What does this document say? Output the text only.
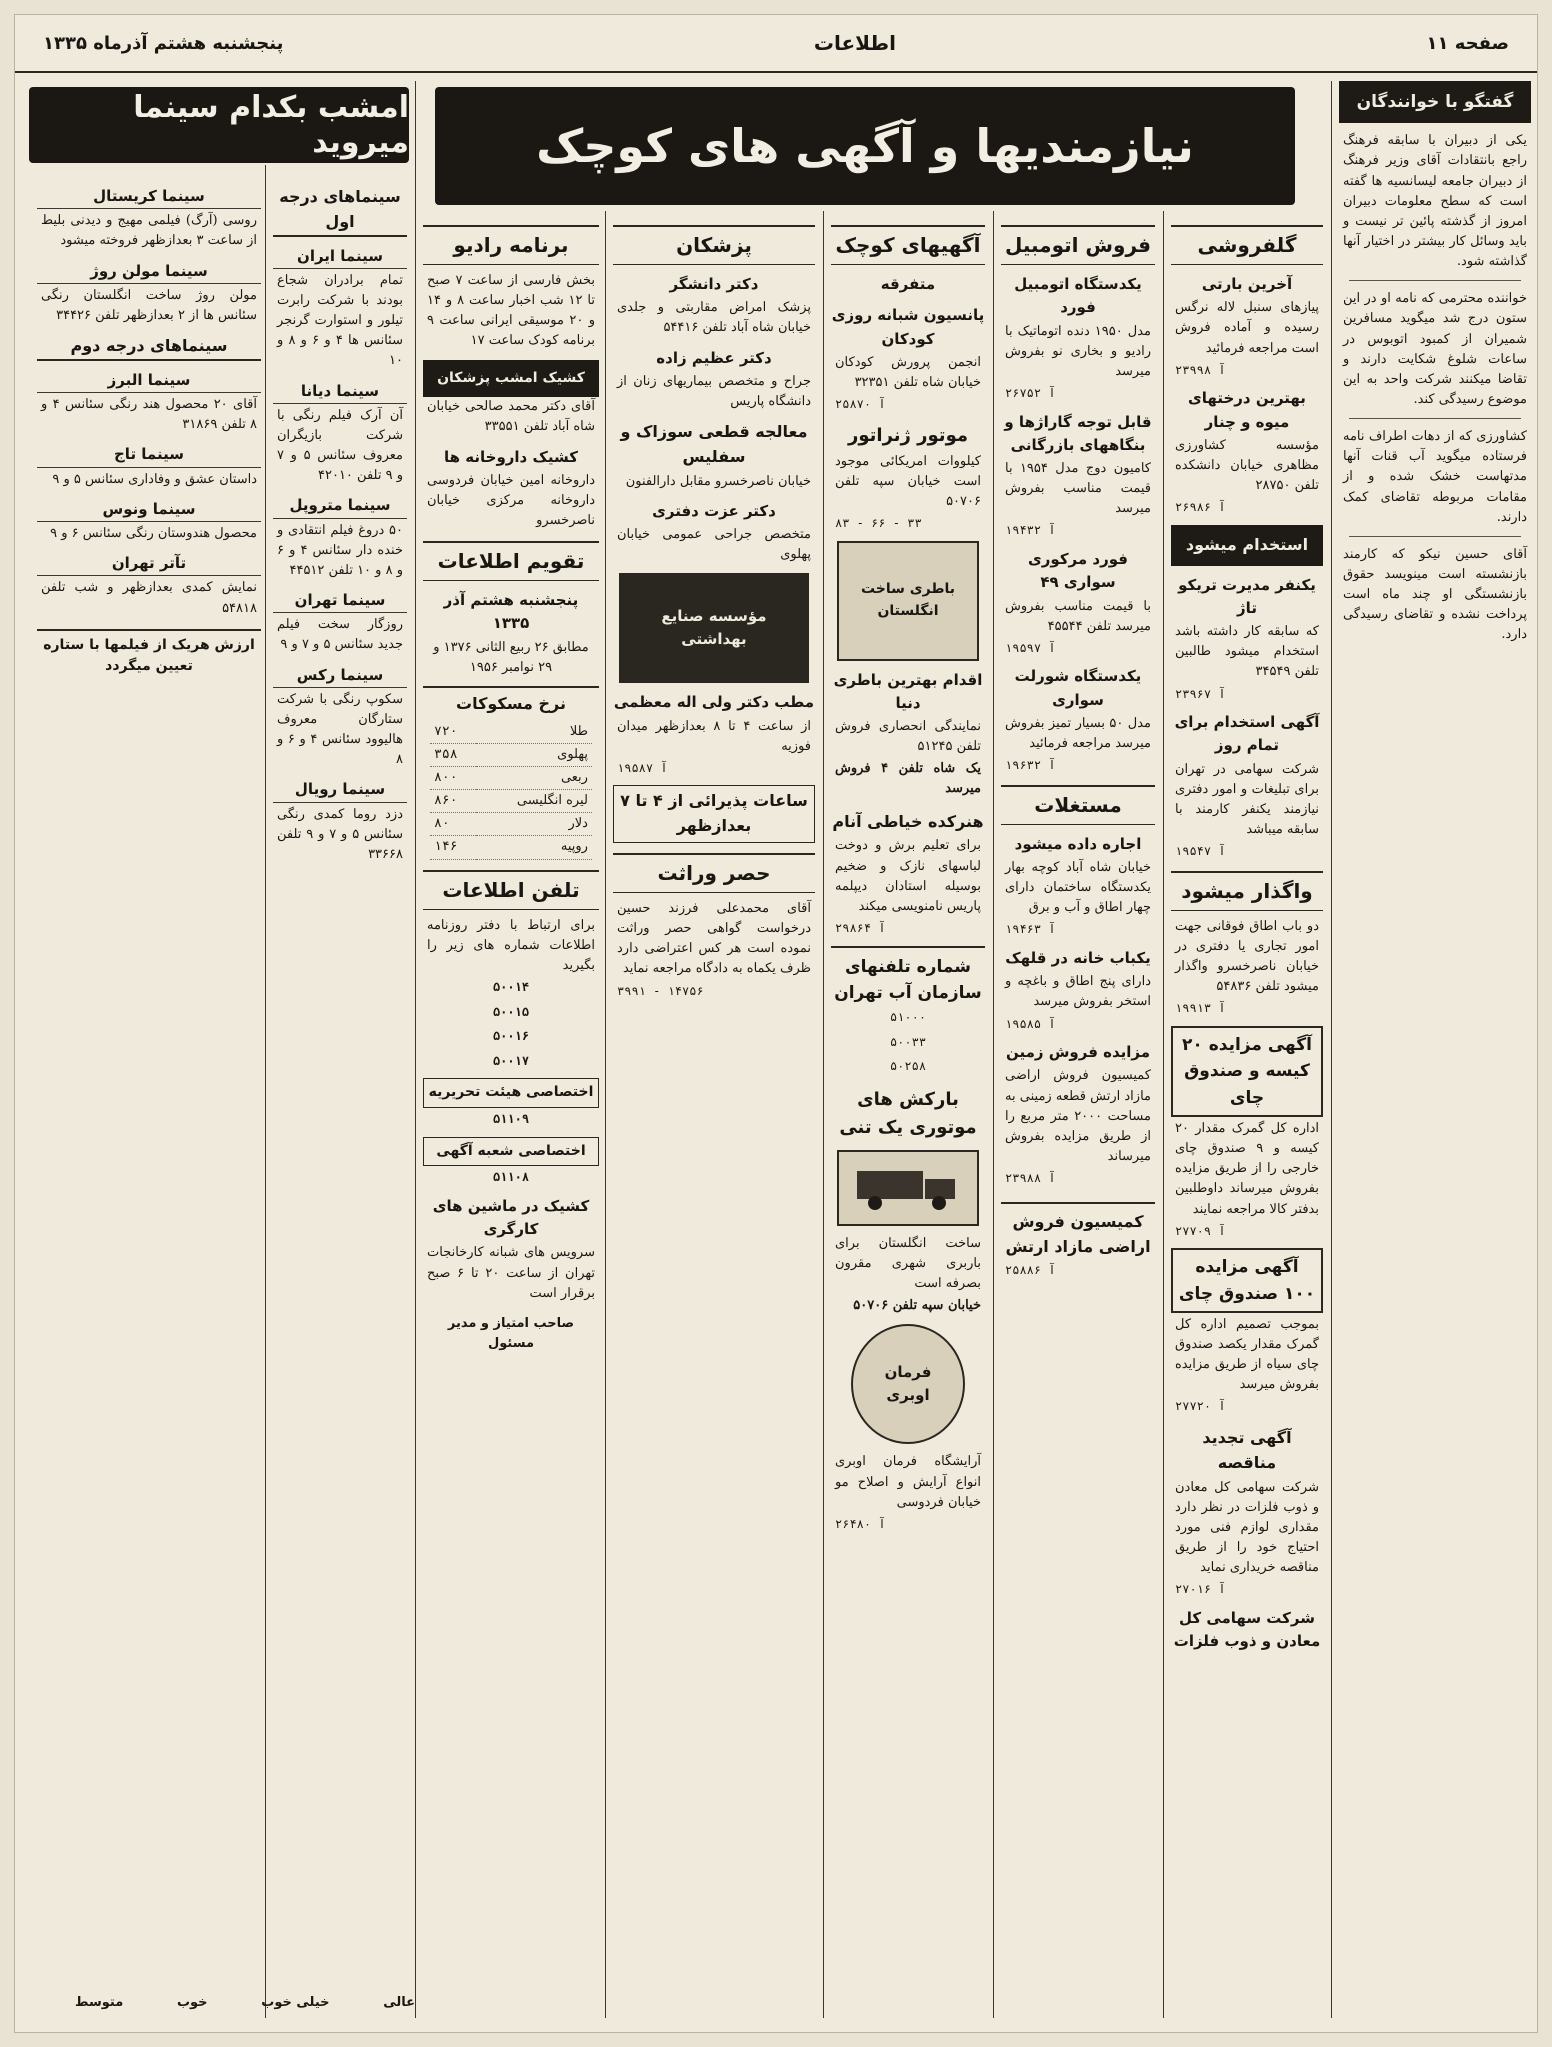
صفحه ۱۱
اطلاعات
پنجشنبه هشتم آذرماه ۱۳۳۵
نیازمندیها و آگهی های کوچک
امشب بکدام سینما میروید
گفتگو با خوانندگان

یکی از دبیران با سابقه فرهنگ راجع بانتقادات آقای وزیر فرهنگ از دبیران جامعه لیسانسیه ها گفته است که سطح معلومات دبیران امروز از گذشته پائین تر نیست و باید وسائل کار بیشتر در اختیار آنها گذاشته شود.

خواننده محترمی که نامه او در این ستون درج شد میگوید مسافرین شمیران از کمبود اتوبوس در ساعات شلوغ شکایت دارند و تقاضا میکنند شرکت واحد به این موضوع رسیدگی کند.

کشاورزی که از دهات اطراف نامه فرستاده میگوید آب قنات آنها مدتهاست خشک شده و از مقامات مربوطه تقاضای کمک دارند.

آقای حسین نیکو که کارمند بازنشسته است مینویسد حقوق بازنشستگی او چند ماه است پرداخت نشده و تقاضای رسیدگی دارد.

گلفروشی
آخرین بارتی

پیازهای سنبل لاله نرگس رسیده و آماده فروش است مراجعه فرمائید

۲۳۹۹۸ آ
بهترین درختهای میوه و چنار

مؤسسه کشاورزی مظاهری خیابان دانشکده تلفن ۲۸۷۵۰

۲۶۹۸۶ آ
استخدام میشود
یکنفر مدیرت تریکو تاژ

که سابقه کار داشته باشد استخدام میشود طالبین تلفن ۳۴۵۴۹

۲۳۹۶۷ آ
آگهی استخدام برای تمام روز

شرکت سهامی در تهران برای تبلیغات و امور دفتری نیازمند یکنفر کارمند با سابقه میباشد

۱۹۵۴۷ آ
واگذار میشود

دو باب اطاق فوقانی جهت امور تجاری یا دفتری در خیابان ناصرخسرو واگذار میشود تلفن ۵۴۸۳۶

۱۹۹۱۳ آ
آگهی مزایده ۲۰ کیسه و صندوق چای

اداره کل گمرک مقدار ۲۰ کیسه و ۹ صندوق چای خارجی را از طریق مزایده بفروش میرساند داوطلبین بدفتر کالا مراجعه نمایند

۲۷۷۰۹ آ
آگهی مزایده ۱۰۰ صندوق چای

بموجب تصمیم اداره کل گمرک مقدار یکصد صندوق چای سیاه از طریق مزایده بفروش میرسد

۲۷۷۲۰ آ
آگهی تجدید مناقصه

شرکت سهامی کل معادن و ذوب فلزات در نظر دارد مقداری لوازم فنی مورد احتیاج خود را از طریق مناقصه خریداری نماید

۲۷۰۱۶ آ
شرکت سهامی کل معادن و ذوب فلزات
فروش اتومبیل
یکدستگاه اتومبیل فورد

مدل ۱۹۵۰ دنده اتوماتیک با رادیو و بخاری نو بفروش میرسد

۲۶۷۵۲ آ
قابل توجه گاراژها و بنگاههای بازرگانی

کامیون دوج مدل ۱۹۵۴ با قیمت مناسب بفروش میرسد

۱۹۴۳۲ آ
فورد مرکوری سواری ۴۹

با قیمت مناسب بفروش میرسد تلفن ۴۵۵۴۴

۱۹۵۹۷ آ
یکدستگاه شورلت سواری

مدل ۵۰ بسیار تمیز بفروش میرسد مراجعه فرمائید

۱۹۶۳۲ آ
مستغلات
اجاره داده میشود

خیابان شاه آباد کوچه بهار یکدستگاه ساختمان دارای چهار اطاق و آب و برق

۱۹۴۶۳ آ
یکباب خانه در قلهک

دارای پنج اطاق و باغچه و استخر بفروش میرسد

۱۹۵۸۵ آ
مزایده فروش زمین

کمیسیون فروش اراضی مازاد ارتش قطعه زمینی به مساحت ۲۰۰۰ متر مربع را از طریق مزایده بفروش میرساند

۲۳۹۸۸ آ
کمیسیون فروش اراضی مازاد ارتش
۲۵۸۸۶ آ
آگهیهای کوچک
متفرقه
پانسیون شبانه روزی کودکان

انجمن پرورش کودکان خیابان شاه تلفن ۳۲۳۵۱

۲۵۸۷۰ آ
موتور ژنراتور

کیلووات امریکائی موجود است خیابان سپه تلفن ۵۰۷۰۶

۸۳ - ۶۶ - ۳۳
باطری ساخت انگلستان
اقدام بهترین باطری دنیا

نمایندگی انحصاری فروش تلفن ۵۱۲۴۵

یک شاه تلفن ۴ فروش میرسد

هنرکده خیاطی آنام

برای تعلیم برش و دوخت لباسهای نازک و ضخیم بوسیله استادان دیپلمه پاریس نامنویسی میکند

۲۹۸۶۴ آ
شماره تلفنهای سازمان آب تهران
۵۱۰۰۰
۵۰۰۳۳
۵۰۲۵۸
بارکش های موتوری یک تنی

ساخت انگلستان برای باربری شهری مقرون بصرفه است

خیابان سپه تلفن ۵۰۷۰۶

فرمان اوبری

آرایشگاه فرمان اوبری انواع آرایش و اصلاح مو خیابان فردوسی

۲۶۴۸۰ آ
پزشکان
دکتر دانشگر

پزشک امراض مقاربتی و جلدی خیابان شاه آباد تلفن ۵۴۴۱۶

دکتر عظیم زاده

جراح و متخصص بیماریهای زنان از دانشگاه پاریس

معالجه قطعی سوزاک و سفلیس

خیابان ناصرخسرو مقابل دارالفنون

دکتر عزت دفتری

متخصص جراحی عمومی خیابان پهلوی

مؤسسه صنایع بهداشتی
مطب دکتر ولی اله معظمی

از ساعت ۴ تا ۸ بعدازظهر میدان فوزیه

۱۹۵۸۷ آ
ساعات پذیرائی از ۴ تا ۷ بعدازظهر
حصر وراثت

آقای محمدعلی فرزند حسین درخواست گواهی حصر وراثت نموده است هر کس اعتراضی دارد ظرف یکماه به دادگاه مراجعه نماید

۳۹۹۱ - ۱۴۷۵۶
برنامه رادیو

بخش فارسی از ساعت ۷ صبح تا ۱۲ شب اخبار ساعت ۸ و ۱۴ و ۲۰ موسیقی ایرانی ساعت ۹ برنامه کودک ساعت ۱۷

کشیک امشب پزشکان

آقای دکتر محمد صالحی خیابان شاه آباد تلفن ۳۳۵۵۱

کشیک داروخانه ها

داروخانه امین خیابان فردوسی داروخانه مرکزی خیابان ناصرخسرو

تقویم اطلاعات
پنجشنبه هشتم آذر ۱۳۳۵

مطابق ۲۶ ربیع الثانی ۱۳۷۶ و ۲۹ نوامبر ۱۹۵۶

نرخ مسکوکات
طلا	۷۲۰
پهلوی	۳۵۸
ربعی	۸۰۰
لیره انگلیسی	۸۶۰
دلار	۸۰
روپیه	۱۴۶
تلفن اطلاعات

برای ارتباط با دفتر روزنامه اطلاعات شماره های زیر را بگیرید

۵۰۰۱۴
۵۰۰۱۵
۵۰۰۱۶
۵۰۰۱۷
اختصاصی هیئت تحریریه
۵۱۱۰۹
اختصاصی شعبه آگهی
۵۱۱۰۸
کشیک در ماشین های کارگری

سرویس های شبانه کارخانجات تهران از ساعت ۲۰ تا ۶ صبح برقرار است

صاحب امتیاز و مدیر مسئول
سینماهای درجه اول
سینما ایران

تمام برادران شجاع بودند با شرکت رابرت تیلور و استوارت گرنجر سئانس ها ۴ و ۶ و ۸ و ۱۰

سینما دیانا

آن آرک فیلم رنگی با شرکت بازیگران معروف سئانس ۵ و ۷ و ۹ تلفن ۴۲۰۱۰

سینما متروپل

۵۰ دروغ فیلم انتقادی و خنده دار سئانس ۴ و ۶ و ۸ و ۱۰ تلفن ۴۴۵۱۲

سینما تهران

روزگار سخت فیلم جدید سئانس ۵ و ۷ و ۹

سینما رکس

سکوپ رنگی با شرکت ستارگان معروف هالیوود سئانس ۴ و ۶ و ۸

سینما رویال

دزد روما کمدی رنگی سئانس ۵ و ۷ و ۹ تلفن ۳۳۶۶۸

سینما کریستال

روسی (آرگ) فیلمی مهیج و دیدنی بلیط از ساعت ۳ بعدازظهر فروخته میشود

سینما مولن روژ

مولن روژ ساخت انگلستان رنگی سئانس ها از ۲ بعدازظهر تلفن ۳۴۴۲۶

سینماهای درجه دوم
سینما البرز

آقای ۲۰ محصول هند رنگی سئانس ۴ و ۸ تلفن ۳۱۸۶۹

سینما تاج

داستان عشق و وفاداری سئانس ۵ و ۹

سینما ونوس

محصول هندوستان رنگی سئانس ۶ و ۹

تآتر تهران

نمایش کمدی بعدازظهر و شب تلفن ۵۴۸۱۸

ارزش هریک از فیلمها با ستاره تعیین میگردد
عالی
خیلی خوب
خوب
متوسط
